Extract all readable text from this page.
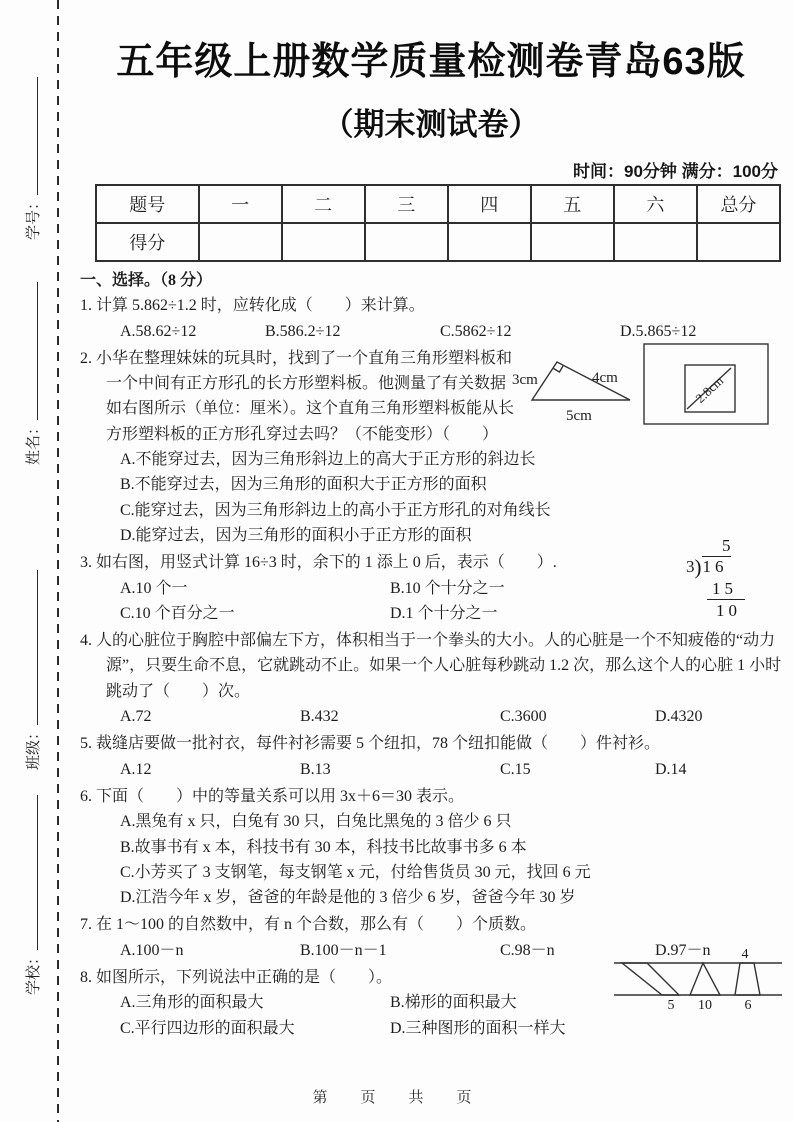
学号：
姓名：
班级：
学校：
五年级上册数学质量检测卷青岛63版
（期末测试卷）
时间：90分钟 满分：100分
题号	一	二	三	四	五	六	总分
得分							
一、选择。（8 分）
1. 计算 5.862÷1.2 时，应转化成（　　）来计算。
A.58.62÷12	B.586.2÷12	C.5862÷12	D.5.865÷12
2. 小华在整理妹妹的玩具时，找到了一个直角三角形塑料板和一个中间有正方形孔的长方形塑料板。他测量了有关数据如右图所示（单位：厘米）。这个直角三角形塑料板能从长方形塑料板的正方形孔穿过去吗？（不能变形）（　　）
3cm	4cm
5cm
2.8cm
A.不能穿过去，因为三角形斜边上的高大于正方形的斜边长
B.不能穿过去，因为三角形的面积大于正方形的面积
C.能穿过去，因为三角形斜边上的高小于正方形孔的对角线长
D.能穿过去，因为三角形的面积小于正方形的面积
3. 如右图，用竖式计算 16÷3 时，余下的 1 添上 0 后，表示（　　）.
5
3)16
15
10
A.10 个一	B.10 个十分之一
C.10 个百分之一	D.1 个十分之一
4. 人的心脏位于胸腔中部偏左下方，体积相当于一个拳头的大小。人的心脏是一个不知疲倦的“动力源”，只要生命不息，它就跳动不止。如果一个人心脏每秒跳动 1.2 次，那么这个人的心脏 1 小时跳动了（　　）次。
A.72	B.432	C.3600	D.4320
5. 裁缝店要做一批衬衣，每件衬衫需要 5 个纽扣，78 个纽扣能做（　　）件衬衫。
A.12	B.13	C.15	D.14
6. 下面（　　）中的等量关系可以用 3x＋6＝30 表示。
A.黑兔有 x 只，白兔有 30 只，白兔比黑兔的 3 倍少 6 只
B.故事书有 x 本，科技书有 30 本，科技书比故事书多 6 本
C.小芳买了 3 支钢笔，每支钢笔 x 元，付给售货员 30 元，找回 6 元
D.江浩今年 x 岁，爸爸的年龄是他的 3 倍少 6 岁，爸爸今年 30 岁
7. 在 1～100 的自然数中，有 n 个合数，那么有（　　）个质数。
A.100－n	B.100－n－1	C.98－n	D.97－n
8. 如图所示，下列说法中正确的是（　　）。
4
5 10 6
A.三角形的面积最大	B.梯形的面积最大
C.平行四边形的面积最大	D.三种图形的面积一样大
第　页　共　页
